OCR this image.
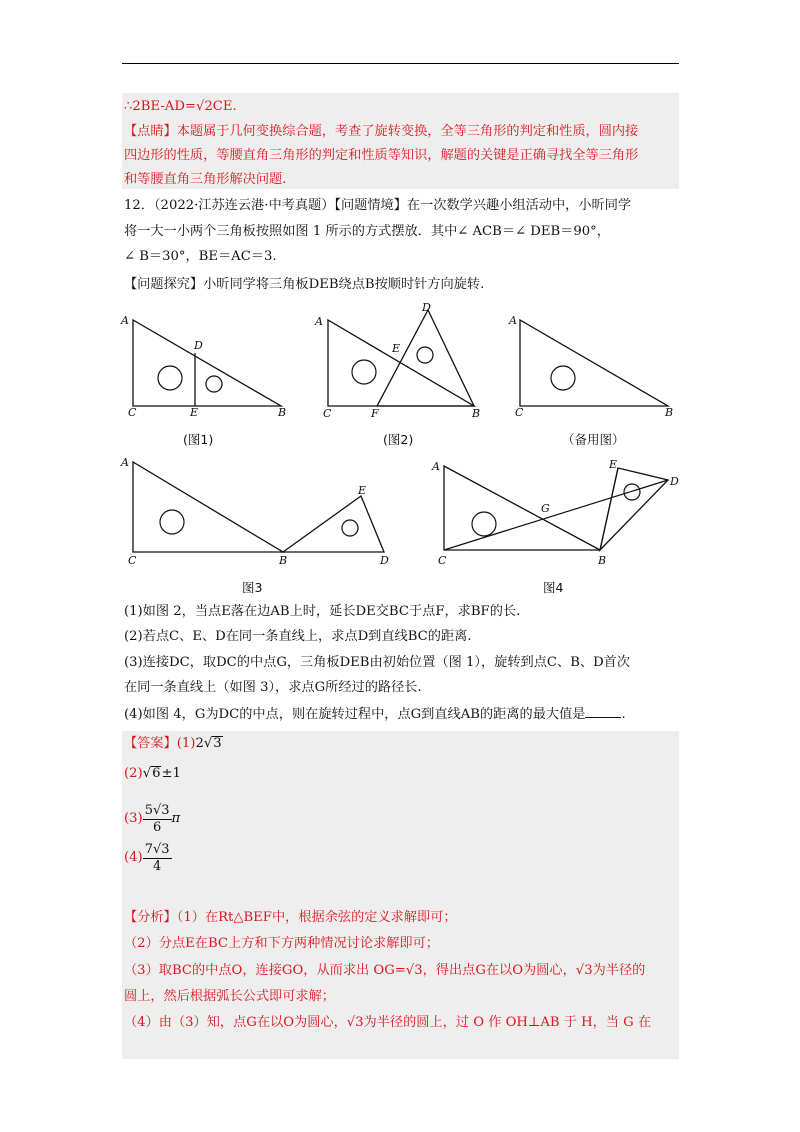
∴2BE-AD=√2CE.
【点睛】本题属于几何变换综合题，考查了旋转变换，全等三角形的判定和性质，圆内接
四边形的性质，等腰直角三角形的判定和性质等知识，解题的关键是正确寻找全等三角形
和等腰直角三角形解决问题.
12．（2022·江苏连云港·中考真题）【问题情境】在一次数学兴趣小组活动中，小昕同学
将一大一小两个三角板按照如图 1 所示的方式摆放．其中∠ ACB＝∠ DEB＝90°，
∠ B＝30°，BE＝AC＝3.
【问题探究】小昕同学将三角板DEB绕点B按顺时针方向旋转.
A
D
C	E	B
(图1)
A
D
E
C	F	B
(图2)
A
C	B
（备用图）
A
E
C	B	D
图3
A	E
D
G
C	B
图4
(1)如图 2，当点E落在边AB上时，延长DE交BC于点F，求BF的长.
(2)若点C、E、D在同一条直线上，求点D到直线BC的距离.
(3)连接DC，取DC的中点G，三角板DEB由初始位置（图 1），旋转到点C、B、D首次
在同一条直线上（如图 3），求点G所经过的路径长.
(4)如图 4，G为DC的中点，则在旋转过程中，点G到直线AB的距离的最大值是	.
【答案】(1)2√3
(2)√6±1
$(3) \frac{5√3}{6}$ π
$(4) \frac{7√3}{4}$
【分析】（1）在Rt△BEF中，根据余弦的定义求解即可；
（2）分点E在BC上方和下方两种情况讨论求解即可；
（3）取BC的中点O，连接GO，从而求出 OG=√3，得出点G在以O为圆心，√3为半径的
圆上，然后根据弧长公式即可求解；
（4）由（3）知，点G在以O为圆心，√3为半径的圆上，过 O 作 OH⊥AB 于 H，当 G 在
